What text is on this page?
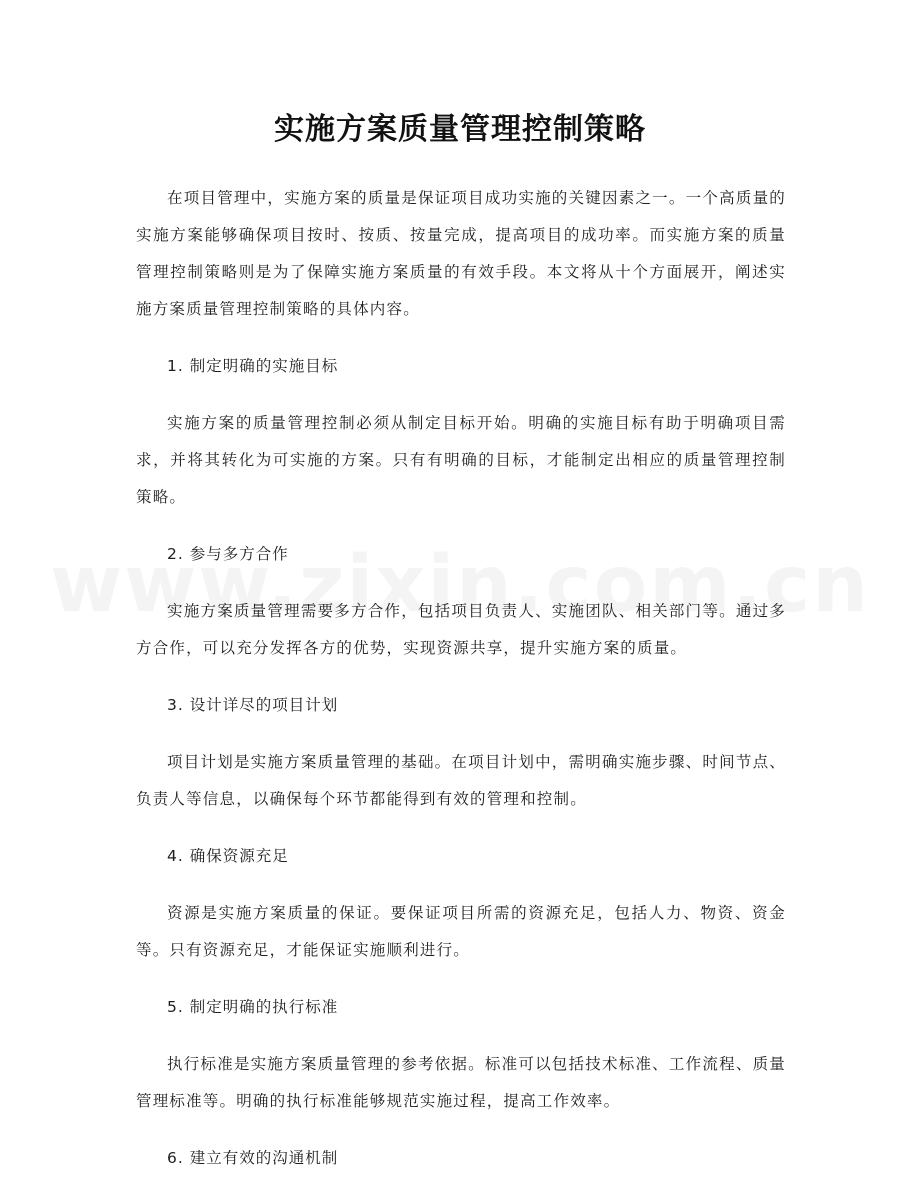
实施方案质量管理控制策略

在项目管理中，实施方案的质量是保证项目成功实施的关键因素之一。一个高质量的实施方案能够确保项目按时、按质、按量完成，提高项目的成功率。而实施方案的质量管理控制策略则是为了保障实施方案质量的有效手段。本文将从十个方面展开，阐述实施方案质量管理控制策略的具体内容。

1. 制定明确的实施目标

实施方案的质量管理控制必须从制定目标开始。明确的实施目标有助于明确项目需求，并将其转化为可实施的方案。只有有明确的目标，才能制定出相应的质量管理控制策略。

2. 参与多方合作

实施方案质量管理需要多方合作，包括项目负责人、实施团队、相关部门等。通过多方合作，可以充分发挥各方的优势，实现资源共享，提升实施方案的质量。

3. 设计详尽的项目计划

项目计划是实施方案质量管理的基础。在项目计划中，需明确实施步骤、时间节点、负责人等信息，以确保每个环节都能得到有效的管理和控制。

4. 确保资源充足

资源是实施方案质量的保证。要保证项目所需的资源充足，包括人力、物资、资金等。只有资源充足，才能保证实施顺利进行。

5. 制定明确的执行标准

执行标准是实施方案质量管理的参考依据。标准可以包括技术标准、工作流程、质量管理标准等。明确的执行标准能够规范实施过程，提高工作效率。

6. 建立有效的沟通机制
